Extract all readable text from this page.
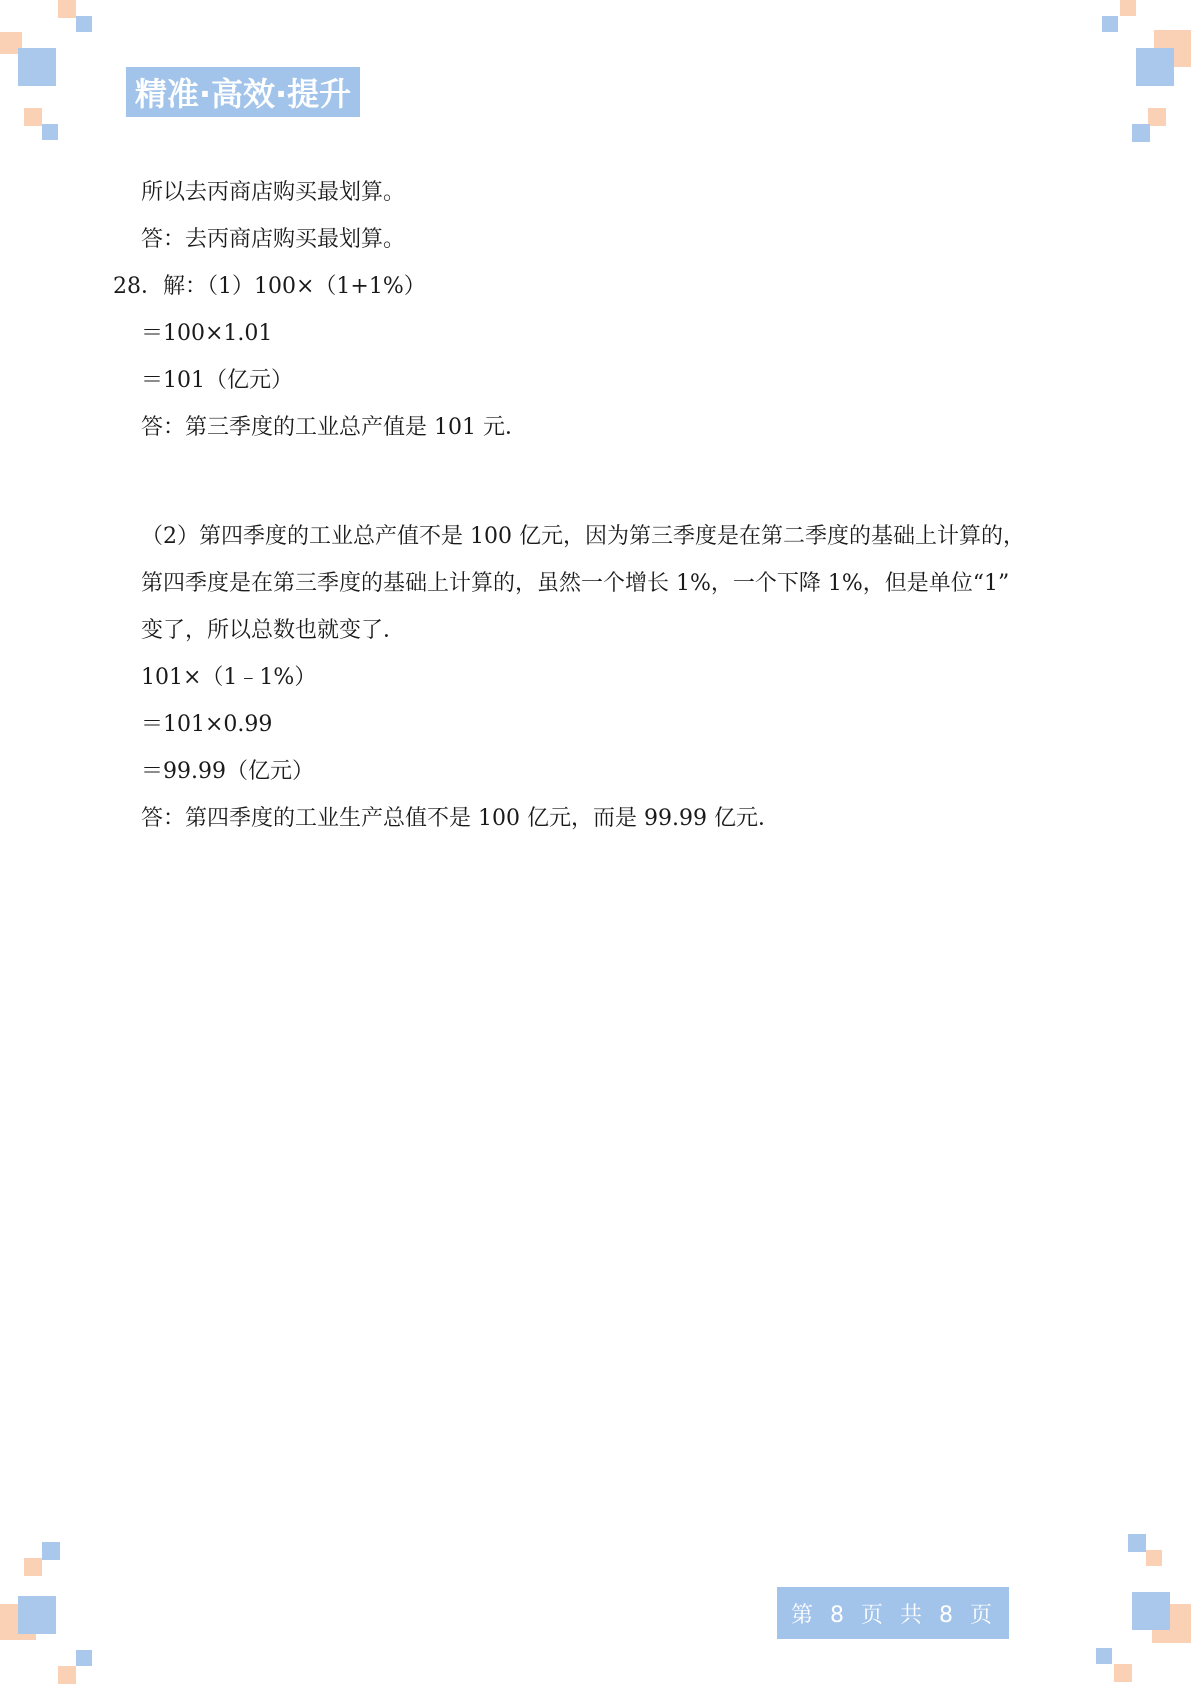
精准·高效·提升
所以去丙商店购买最划算。
答：去丙商店购买最划算。
28．解：（1）100×（1+1%）
＝100×1.01
＝101（亿元）
答：第三季度的工业总产值是 101 元．
（2）第四季度的工业总产值不是 100 亿元，因为第三季度是在第二季度的基础上计算的，
第四季度是在第三季度的基础上计算的，虽然一个增长 1%，一个下降 1%，但是单位“1”
变了，所以总数也就变了．
101×（1﹣1%）
＝101×0.99
＝99.99（亿元）
答：第四季度的工业生产总值不是 100 亿元，而是 99.99 亿元．
第 8 页 共 8 页
